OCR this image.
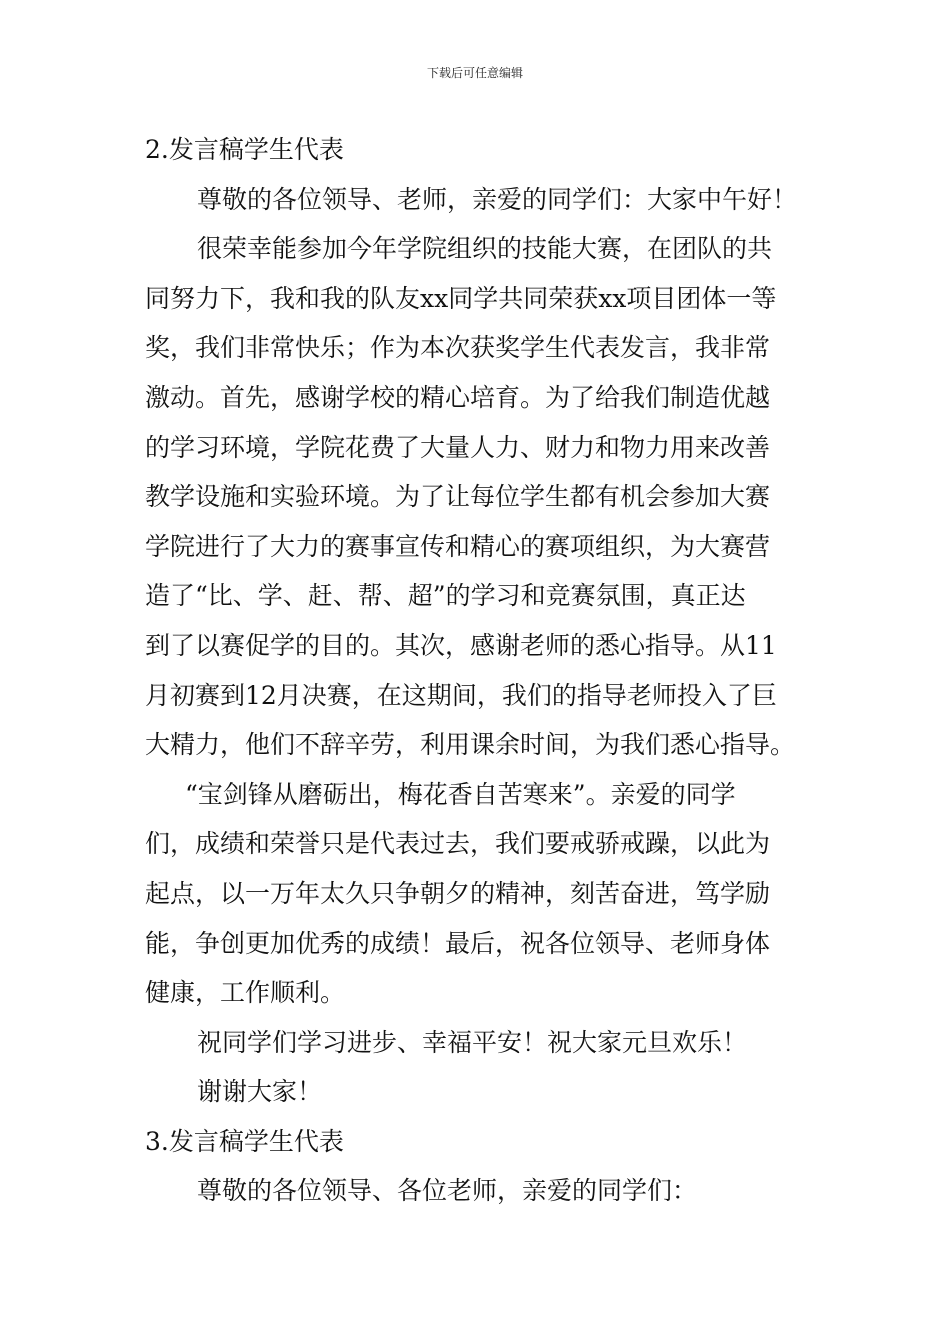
下载后可任意编辑
2.发言稿学生代表
尊敬的各位领导、老师，亲爱的同学们：大家中午好！
很荣幸能参加今年学院组织的技能大赛，在团队的共
同努力下，我和我的队友xx同学共同荣获xx项目团体一等
奖，我们非常快乐；作为本次获奖学生代表发言，我非常
激动。首先，感谢学校的精心培育。为了给我们制造优越
的学习环境，学院花费了大量人力、财力和物力用来改善
教学设施和实验环境。为了让每位学生都有机会参加大赛
学院进行了大力的赛事宣传和精心的赛项组织，为大赛营
造了“比、学、赶、帮、超”的学习和竞赛氛围，真正达
到了以赛促学的目的。其次，感谢老师的悉心指导。从11
月初赛到12月决赛，在这期间，我们的指导老师投入了巨
大精力，他们不辞辛劳，利用课余时间，为我们悉心指导。
“宝剑锋从磨砺出，梅花香自苦寒来”。亲爱的同学
们，成绩和荣誉只是代表过去，我们要戒骄戒躁，以此为
起点，以一万年太久只争朝夕的精神，刻苦奋进，笃学励
能，争创更加优秀的成绩！最后，祝各位领导、老师身体
健康，工作顺利。
祝同学们学习进步、幸福平安！祝大家元旦欢乐！
谢谢大家！
3.发言稿学生代表
尊敬的各位领导、各位老师，亲爱的同学们：
